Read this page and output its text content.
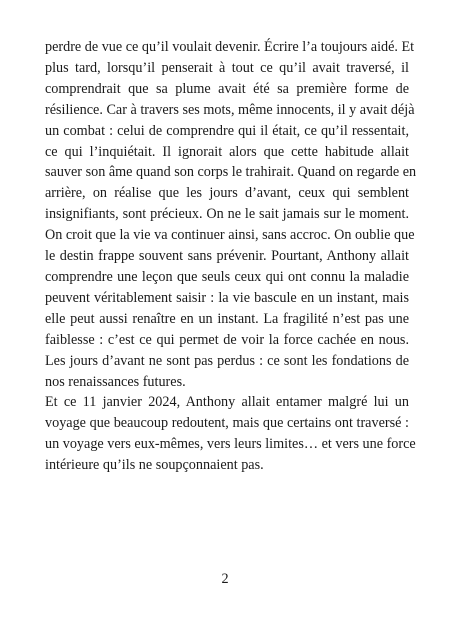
perdre de vue ce qu’il voulait devenir. Écrire l’a toujours aidé. Et
plus tard, lorsqu’il penserait à tout ce qu’il avait traversé, il
comprendrait que sa plume avait été sa première forme de
résilience. Car à travers ses mots, même innocents, il y avait déjà
un combat : celui de comprendre qui il était, ce qu’il ressentait,
ce qui l’inquiétait. Il ignorait alors que cette habitude allait
sauver son âme quand son corps le trahirait. Quand on regarde en
arrière, on réalise que les jours d’avant, ceux qui semblent
insignifiants, sont précieux. On ne le sait jamais sur le moment.
On croit que la vie va continuer ainsi, sans accroc. On oublie que
le destin frappe souvent sans prévenir. Pourtant, Anthony allait
comprendre une leçon que seuls ceux qui ont connu la maladie
peuvent véritablement saisir : la vie bascule en un instant, mais
elle peut aussi renaître en un instant. La fragilité n’est pas une
faiblesse : c’est ce qui permet de voir la force cachée en nous.
Les jours d’avant ne sont pas perdus : ce sont les fondations de
nos renaissances futures.
Et ce 11 janvier 2024, Anthony allait entamer malgré lui un
voyage que beaucoup redoutent, mais que certains ont traversé :
un voyage vers eux-mêmes, vers leurs limites… et vers une force
intérieure qu’ils ne soupçonnaient pas.
2
